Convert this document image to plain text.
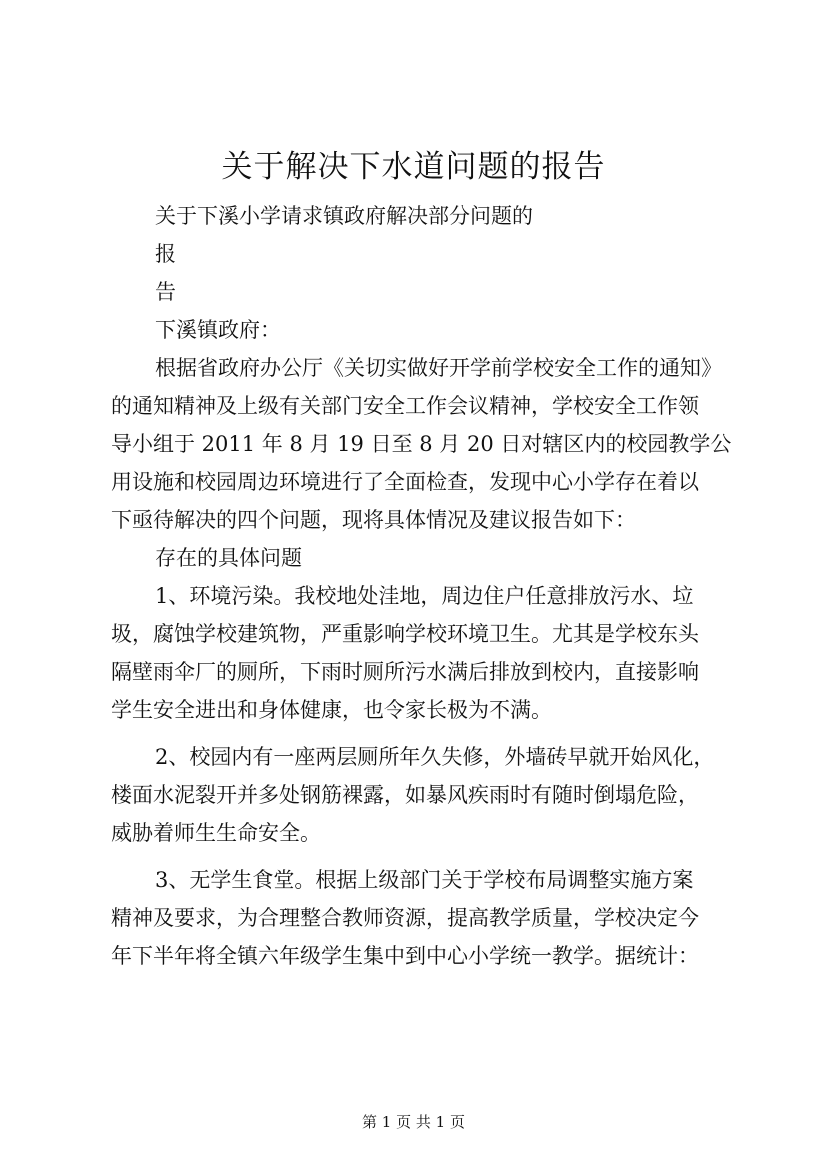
关于解决下水道问题的报告
关于下溪小学请求镇政府解决部分问题的
报
告
下溪镇政府：
根据省政府办公厅《关切实做好开学前学校安全工作的通知》
的通知精神及上级有关部门安全工作会议精神，学校安全工作领
导小组于 2011 年 8 月 19 日至 8 月 20 日对辖区内的校园教学公
用设施和校园周边环境进行了全面检查，发现中心小学存在着以
下亟待解决的四个问题，现将具体情况及建议报告如下：
存在的具体问题
1、环境污染。我校地处洼地，周边住户任意排放污水、垃
圾，腐蚀学校建筑物，严重影响学校环境卫生。尤其是学校东头
隔壁雨伞厂的厕所，下雨时厕所污水满后排放到校内，直接影响
学生安全进出和身体健康，也令家长极为不满。
2、校园内有一座两层厕所年久失修，外墙砖早就开始风化，
楼面水泥裂开并多处钢筋裸露，如暴风疾雨时有随时倒塌危险，
威胁着师生生命安全。
3、无学生食堂。根据上级部门关于学校布局调整实施方案
精神及要求，为合理整合教师资源，提高教学质量，学校决定今
年下半年将全镇六年级学生集中到中心小学统一教学。据统计：
第 1 页 共 1 页
